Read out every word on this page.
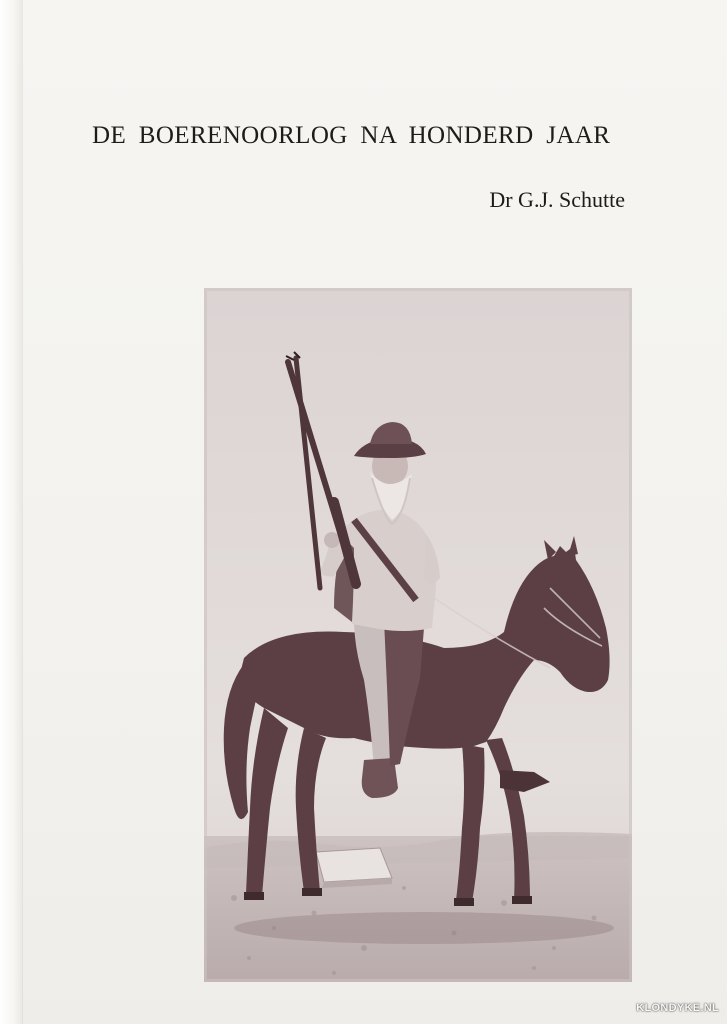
DE BOERENOORLOG NA HONDERD JAAR
Dr G.J. Schutte
KLONDYKE.NL
